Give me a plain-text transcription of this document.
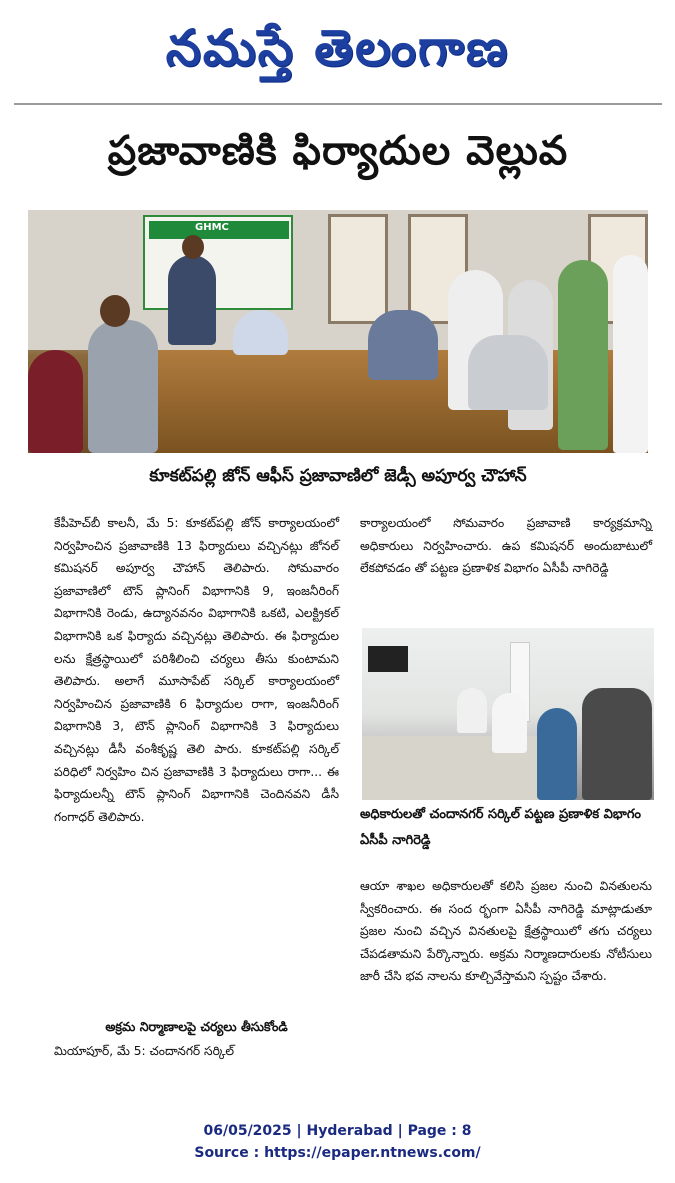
నమస్తే తెలంగాణ
ప్రజావాణికి ఫిర్యాదుల వెల్లువ
GHMC
కూకట్‌పల్లి జోన్ ఆఫీస్ ప్రజావాణిలో జెడ్సీ అపూర్వ చౌహాన్

కేపీహెచ్‌బీ కాలనీ, మే 5: కూకట్‌పల్లి జోన్ కార్యాలయంలో నిర్వహించిన ప్రజావాణికి 13 ఫిర్యాదులు వచ్చినట్లు జోనల్ కమిషనర్ అపూర్వ చౌహాన్ తెలిపారు. సోమవారం ప్రజావాణిలో టౌన్ ప్లానింగ్ విభాగానికి 9, ఇంజనీరింగ్ విభాగానికి రెండు, ఉద్యానవనం విభాగానికి ఒకటి, ఎలక్ట్రికల్ విభాగానికి ఒక ఫిర్యాదు వచ్చినట్లు తెలిపారు. ఈ ఫిర్యాదుల లను క్షేత్రస్థాయిలో పరిశీలించి చర్యలు తీసు కుంటామని తెలిపారు. అలాగే మూసాపేట్ సర్కిల్ కార్యాలయంలో నిర్వహించిన ప్రజావాణికి 6 ఫిర్యాదుల రాగా, ఇంజనీరింగ్ విభాగానికి 3, టౌన్ ప్లానింగ్ విభాగానికి 3 ఫిర్యాదులు వచ్చినట్లు డీసీ వంశీకృష్ణ తెలి పారు. కూకట్‌పల్లి సర్కిల్ పరిధిలో నిర్వహిం చిన ప్రజావాణికి 3 ఫిర్యాదులు రాగా... ఈ ఫిర్యాదులన్నీ టౌన్ ప్లానింగ్ విభాగానికి చెందినవని డీసీ గంగాధర్ తెలిపారు.

అక్రమ నిర్మాణాలపై చర్యలు తీసుకోండి

మియాపూర్, మే 5: చందానగర్ సర్కిల్

కార్యాలయంలో సోమవారం ప్రజావాణి కార్యక్రమాన్ని అధికారులు నిర్వహించారు. ఉప కమిషనర్ అందుబాటులో లేకపోవడం తో పట్టణ ప్రణాళిక విభాగం ఏసీపీ నాగిరెడ్డి

అధికారులతో చందానగర్ సర్కిల్ పట్టణ ప్రణాళిక విభాగం ఏసీపీ నాగిరెడ్డి

ఆయా శాఖల అధికారులతో కలిసి ప్రజల నుంచి వినతులను స్వీకరించారు. ఈ సంద ర్భంగా ఏసీపీ నాగిరెడ్డి మాట్లాడుతూ ప్రజల నుంచి వచ్చిన వినతులపై క్షేత్రస్థాయిలో తగు చర్యలు చేపడతామని పేర్కొన్నారు. అక్రమ నిర్మాణదారులకు నోటీసులు జారీ చేసి భవ నాలను కూల్చివేస్తామని స్పష్టం చేశారు.

06/05/2025 | Hyderabad | Page : 8
Source : https://epaper.ntnews.com/
